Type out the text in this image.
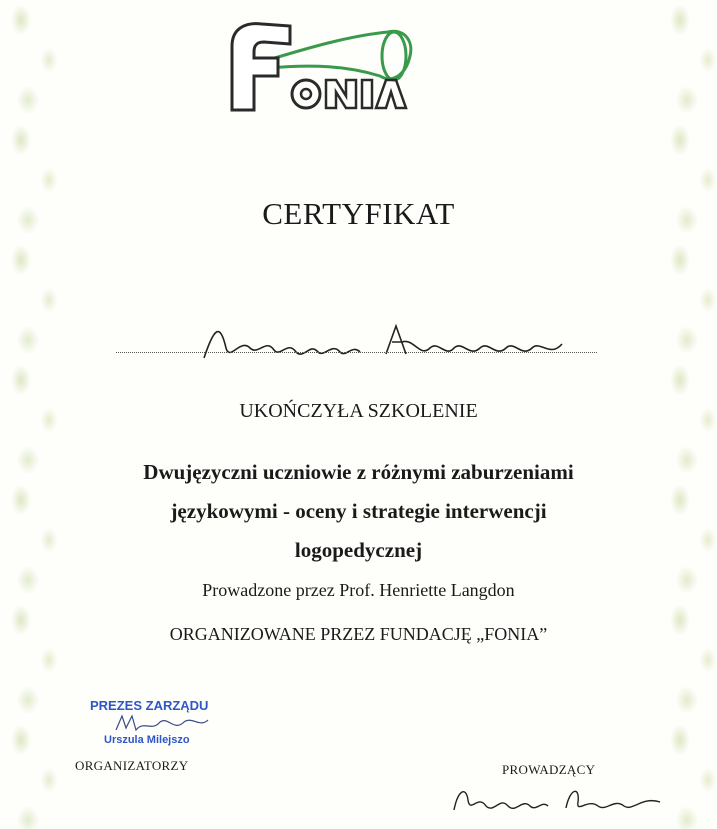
CERTYFIKAT
UKOŃCZYŁA SZKOLENIE
Dwujęzyczni uczniowie z różnymi zaburzeniami
językowymi - oceny i strategie interwencji
logopedycznej
Prowadzone przez Prof. Henriette Langdon
ORGANIZOWANE PRZEZ FUNDACJĘ „FONIA”
PREZES ZARZĄDU
Urszula Milejszo
ORGANIZATORZY	PROWADZĄCY
